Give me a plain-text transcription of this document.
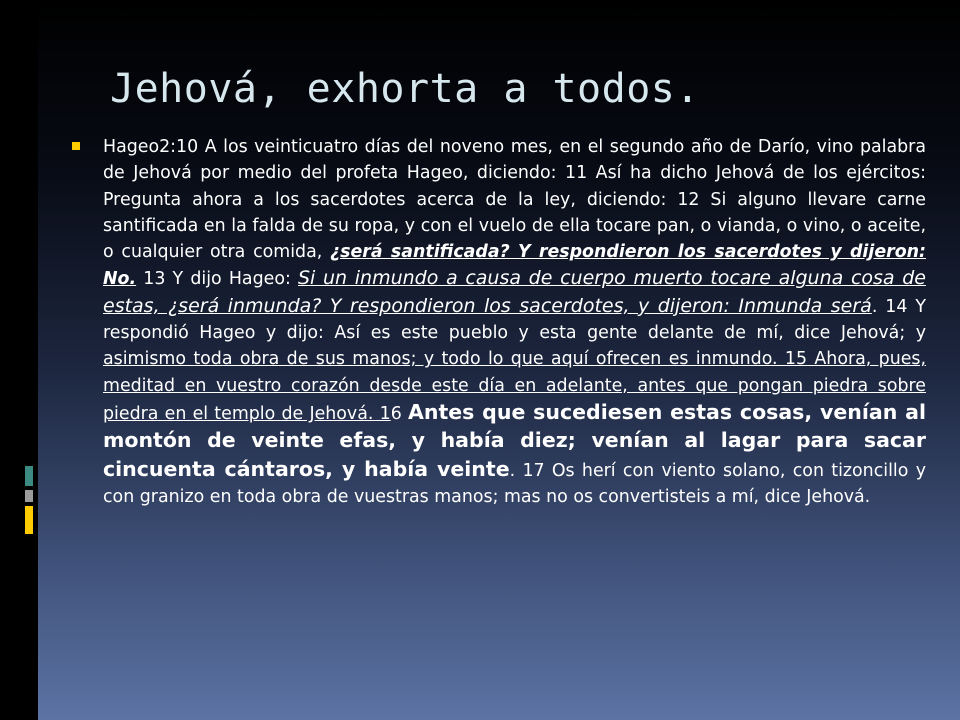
Jehová, exhorta a todos.

Hageo2:10 A los veinticuatro días del noveno mes, en el segundo año de Darío, vino palabra de Jehová por medio del profeta Hageo, diciendo: 11 Así ha dicho Jehová de los ejércitos: Pregunta ahora a los sacerdotes acerca de la ley, diciendo: 12 Si alguno llevare carne santificada en la falda de su ropa, y con el vuelo de ella tocare pan, o vianda, o vino, o aceite, o cualquier otra comida, ¿será santificada? Y respondieron los sacerdotes y dijeron: No. 13 Y dijo Hageo: Si un inmundo a causa de cuerpo muerto tocare alguna cosa de estas, ¿será inmunda? Y respondieron los sacerdotes, y dijeron: Inmunda será. 14 Y respondió Hageo y dijo: Así es este pueblo y esta gente delante de mí, dice Jehová; y asimismo toda obra de sus manos; y todo lo que aquí ofrecen es inmundo. 15 Ahora, pues, meditad en vuestro corazón desde este día en adelante, antes que pongan piedra sobre piedra en el templo de Jehová. 16 Antes que sucediesen estas cosas, venían al montón de veinte efas, y había diez; venían al lagar para sacar cincuenta cántaros, y había veinte. 17 Os herí con viento solano, con tizoncillo y con granizo en toda obra de vuestras manos; mas no os convertisteis a mí, dice Jehová.
